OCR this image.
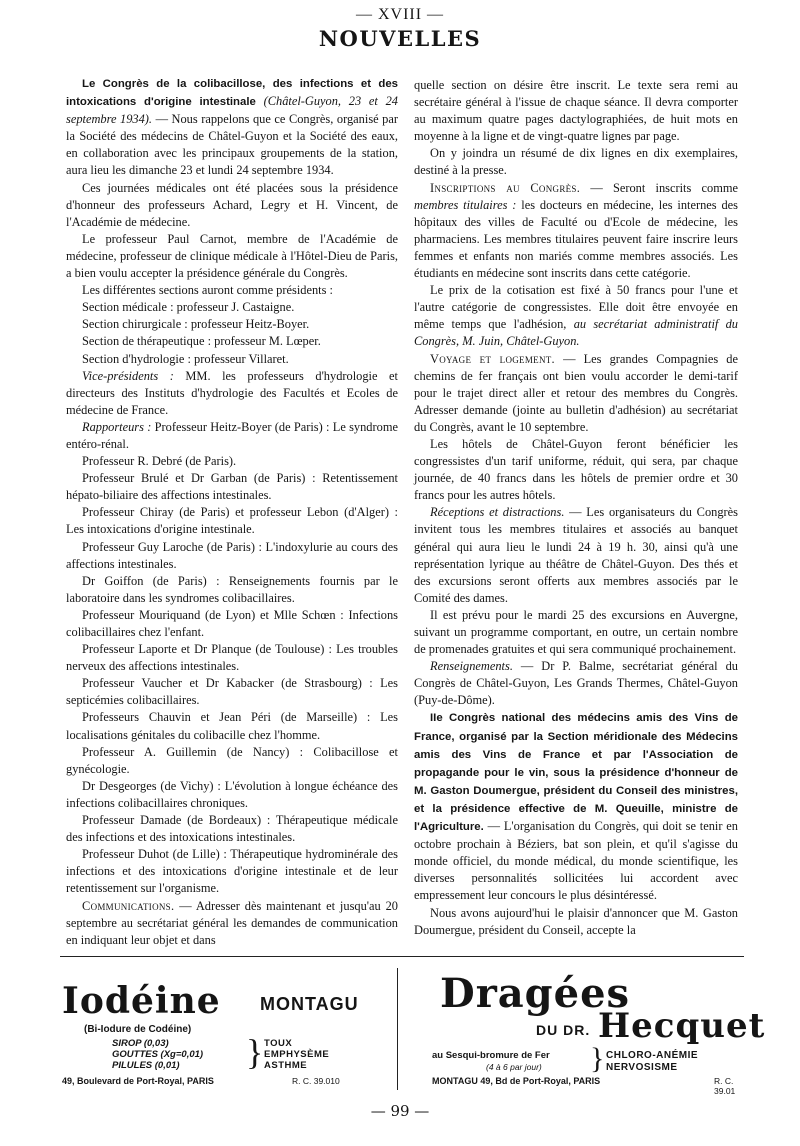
— XVIII —
NOUVELLES

Le Congrès de la colibacillose, des infections et des intoxications d'origine intestinale (Châtel-Guyon, 23 et 24 septembre 1934). — Nous rappelons que ce Congrès, organisé par la Société des médecins de Châtel-Guyon et la Société des eaux, en collaboration avec les principaux groupements de la station, aura lieu les dimanche 23 et lundi 24 septembre 1934.

Ces journées médicales ont été placées sous la présidence d'honneur des professeurs Achard, Legry et H. Vincent, de l'Académie de médecine.

Le professeur Paul Carnot, membre de l'Académie de médecine, professeur de clinique médicale à l'Hôtel-Dieu de Paris, a bien voulu accepter la présidence générale du Congrès.

Les différentes sections auront comme présidents :

Section médicale : professeur J. Castaigne.

Section chirurgicale : professeur Heitz-Boyer.

Section de thérapeutique : professeur M. Lœper.

Section d'hydrologie : professeur Villaret.

Vice-présidents : MM. les professeurs d'hydrologie et directeurs des Instituts d'hydrologie des Facultés et Ecoles de médecine de France.

Rapporteurs : Professeur Heitz-Boyer (de Paris) : Le syndrome entéro-rénal.

Professeur R. Debré (de Paris).

Professeur Brulé et Dr Garban (de Paris) : Retentissement hépato-biliaire des affections intestinales.

Professeur Chiray (de Paris) et professeur Lebon (d'Alger) : Les intoxications d'origine intestinale.

Professeur Guy Laroche (de Paris) : L'indoxylurie au cours des affections intestinales.

Dr Goiffon (de Paris) : Renseignements fournis par le laboratoire dans les syndromes colibacillaires.

Professeur Mouriquand (de Lyon) et Mlle Schœn : Infections colibacillaires chez l'enfant.

Professeur Laporte et Dr Planque (de Toulouse) : Les troubles nerveux des affections intestinales.

Professeur Vaucher et Dr Kabacker (de Strasbourg) : Les septicémies colibacillaires.

Professeurs Chauvin et Jean Péri (de Marseille) : Les localisations génitales du colibacille chez l'homme.

Professeur A. Guillemin (de Nancy) : Colibacillose et gynécologie.

Dr Desgeorges (de Vichy) : L'évolution à longue échéance des infections colibacillaires chroniques.

Professeur Damade (de Bordeaux) : Thérapeutique médicale des infections et des intoxications intestinales.

Professeur Duhot (de Lille) : Thérapeutique hydrominérale des infections et des intoxications d'origine intestinale et de leur retentissement sur l'organisme.

Communications. — Adresser dès maintenant et jusqu'au 20 septembre au secrétariat général les demandes de communication en indiquant leur objet et dans

quelle section on désire être inscrit. Le texte sera remi au secrétaire général à l'issue de chaque séance. Il devra comporter au maximum quatre pages dactylographiées, de huit mots en moyenne à la ligne et de vingt-quatre lignes par page.

On y joindra un résumé de dix lignes en dix exemplaires, destiné à la presse.

Inscriptions au Congrès. — Seront inscrits comme membres titulaires : les docteurs en médecine, les internes des hôpitaux des villes de Faculté ou d'Ecole de médecine, les pharmaciens. Les membres titulaires peuvent faire inscrire leurs femmes et enfants non mariés comme membres associés. Les étudiants en médecine sont inscrits dans cette catégorie.

Le prix de la cotisation est fixé à 50 francs pour l'une et l'autre catégorie de congressistes. Elle doit être envoyée en même temps que l'adhésion, au secrétariat administratif du Congrès, M. Juin, Châtel-Guyon.

Voyage et logement. — Les grandes Compagnies de chemins de fer français ont bien voulu accorder le demi-tarif pour le trajet direct aller et retour des membres du Congrès. Adresser demande (jointe au bulletin d'adhésion) au secrétariat du Congrès, avant le 10 septembre.

Les hôtels de Châtel-Guyon feront bénéficier les congressistes d'un tarif uniforme, réduit, qui sera, par chaque journée, de 40 francs dans les hôtels de premier ordre et 30 francs pour les autres hôtels.

Réceptions et distractions. — Les organisateurs du Congrès invitent tous les membres titulaires et associés au banquet général qui aura lieu le lundi 24 à 19 h. 30, ainsi qu'à une représentation lyrique au théâtre de Châtel-Guyon. Des thés et des excursions seront offerts aux membres associés par le Comité des dames.

Il est prévu pour le mardi 25 des excursions en Auvergne, suivant un programme comportant, en outre, un certain nombre de promenades gratuites et qui sera communiqué prochainement.

Renseignements. — Dr P. Balme, secrétariat général du Congrès de Châtel-Guyon, Les Grands Thermes, Châtel-Guyon (Puy-de-Dôme).

IIe Congrès national des médecins amis des Vins de France, organisé par la Section méridionale des Médecins amis des Vins de France et par l'Association de propagande pour le vin, sous la présidence d'honneur de M. Gaston Doumergue, président du Conseil des ministres, et la présidence effective de M. Queuille, ministre de l'Agriculture. — L'organisation du Congrès, qui doit se tenir en octobre prochain à Béziers, bat son plein, et qu'il s'agisse du monde officiel, du monde médical, du monde scientifique, les diverses personnalités sollicitées lui accordent avec empressement leur concours le plus désintéressé.

Nous avons aujourd'hui le plaisir d'annoncer que M. Gaston Doumergue, président du Conseil, accepte la

Iodéine MONTAGU
(Bi-Iodure de Codéine)
SIROP (0,03)
GOUTTES (Xg=0,01)
PILULES (0,01)	} TOUX
EMPHYSÈME
ASTHME
49, Boulevard de Port-Royal, PARIS	R. C. 39.010
Dragées
DU DR. Hecquet
au Sesqui-bromure de Fer
(4 à 6 par jour) } CHLORO-ANÉMIE
NERVOSISME
MONTAGU 49, Bd de Port-Royal, PARIS	R. C. 39.01
— 99 —
